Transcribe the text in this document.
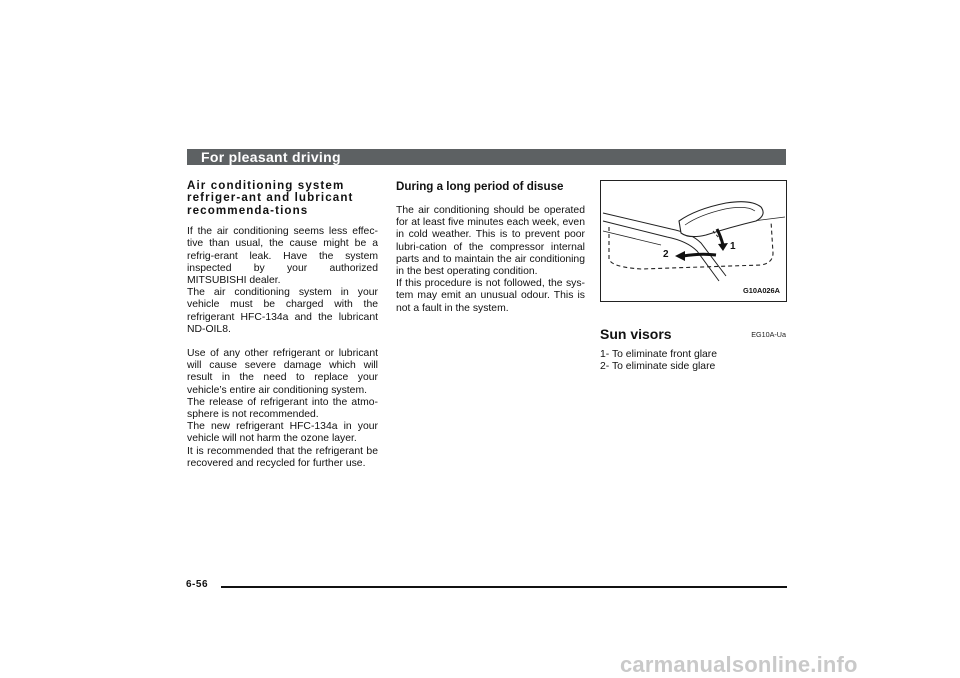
For pleasant driving
Air conditioning system refriger-ant and lubricant recommenda-tions

If the air conditioning seems less effec-tive than usual, the cause might be a refrig-erant leak. Have the system inspected by your authorized MITSUBISHI dealer.

The air conditioning system in your vehicle must be charged with the refrigerant HFC-134a and the lubricant ND-OIL8.

Use of any other refrigerant or lubricant will cause severe damage which will result in the need to replace your vehicle’s entire air conditioning system.

The release of refrigerant into the atmo-sphere is not recommended.

The new refrigerant HFC-134a in your vehicle will not harm the ozone layer.

It is recommended that the refrigerant be recovered and recycled for further use.

During a long period of disuse

The air conditioning should be operated for at least five minutes each week, even in cold weather. This is to prevent poor lubri-cation of the compressor internal parts and to maintain the air conditioning in the best operating condition.

If this procedure is not followed, the sys-tem may emit an unusual odour. This is not a fault in the system.

1
2
G10A026A
Sun visors	EG10A-Ua
1- To eliminate front glare
2- To eliminate side glare
6-56
carmanualsonline.info
